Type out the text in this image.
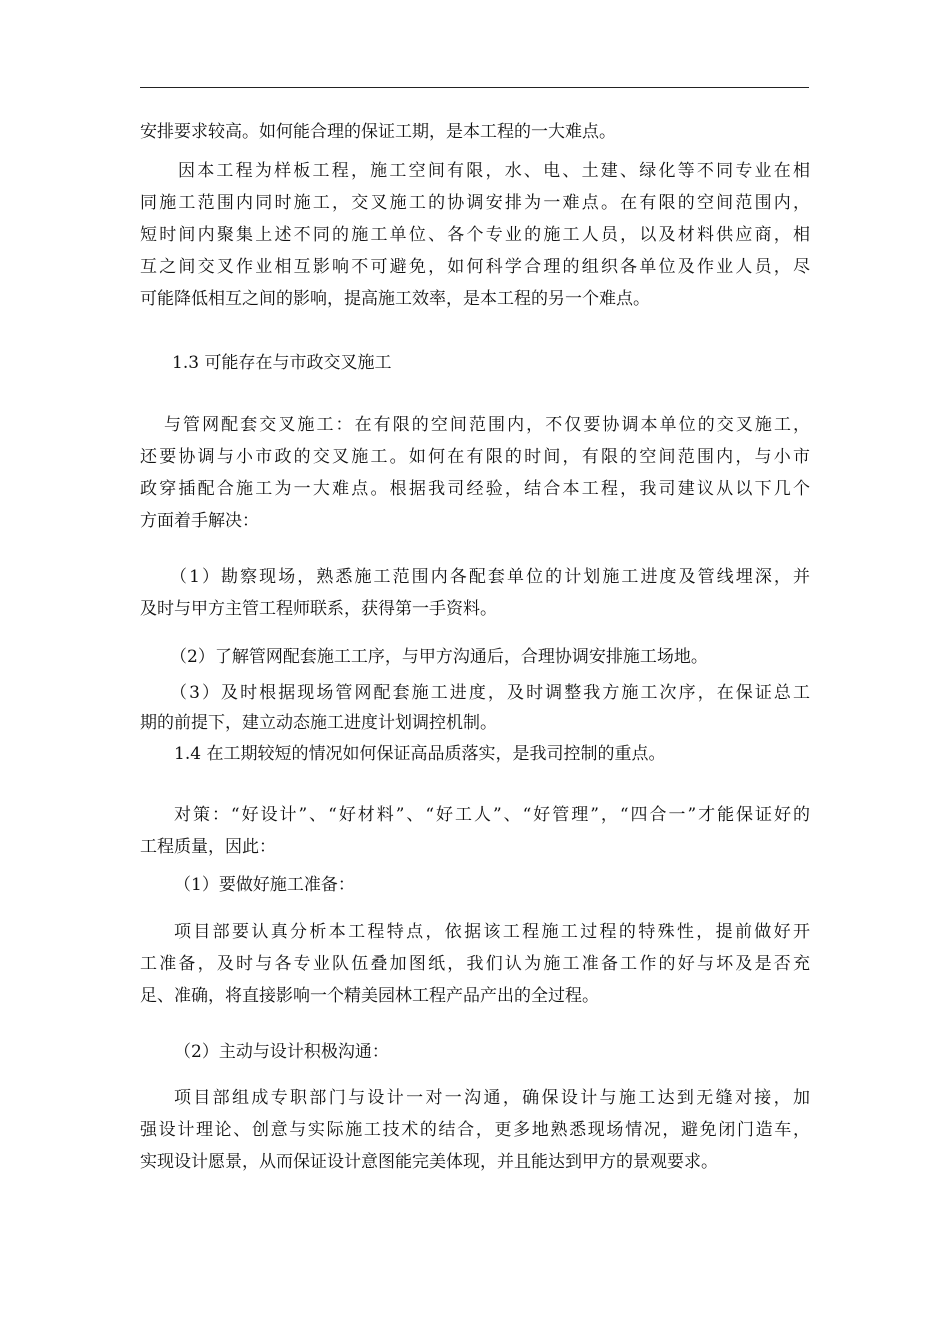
安排要求较高。如何能合理的保证工期，是本工程的一大难点。
因本工程为样板工程，施工空间有限，水、电、土建、绿化等不同专业在相
同施工范围内同时施工，交叉施工的协调安排为一难点。在有限的空间范围内，
短时间内聚集上述不同的施工单位、各个专业的施工人员，以及材料供应商，相
互之间交叉作业相互影响不可避免，如何科学合理的组织各单位及作业人员，尽
可能降低相互之间的影响，提高施工效率，是本工程的另一个难点。
1.3 可能存在与市政交叉施工
与管网配套交叉施工：在有限的空间范围内，不仅要协调本单位的交叉施工，
还要协调与小市政的交叉施工。如何在有限的时间，有限的空间范围内，与小市
政穿插配合施工为一大难点。根据我司经验，结合本工程，我司建议从以下几个
方面着手解决：
（1）勘察现场，熟悉施工范围内各配套单位的计划施工进度及管线埋深，并
及时与甲方主管工程师联系，获得第一手资料。
（2）了解管网配套施工工序，与甲方沟通后，合理协调安排施工场地。
（3）及时根据现场管网配套施工进度，及时调整我方施工次序，在保证总工
期的前提下，建立动态施工进度计划调控机制。
1.4 在工期较短的情况如何保证高品质落实，是我司控制的重点。
对策：“好设计”、“好材料”、“好工人”、“好管理”，“四合一”才能保证好的
工程质量，因此：
（1）要做好施工准备：
项目部要认真分析本工程特点，依据该工程施工过程的特殊性，提前做好开
工准备，及时与各专业队伍叠加图纸，我们认为施工准备工作的好与坏及是否充
足、准确，将直接影响一个精美园林工程产品产出的全过程。
（2）主动与设计积极沟通：
项目部组成专职部门与设计一对一沟通，确保设计与施工达到无缝对接，加
强设计理论、创意与实际施工技术的结合，更多地熟悉现场情况，避免闭门造车，
实现设计愿景，从而保证设计意图能完美体现，并且能达到甲方的景观要求。
